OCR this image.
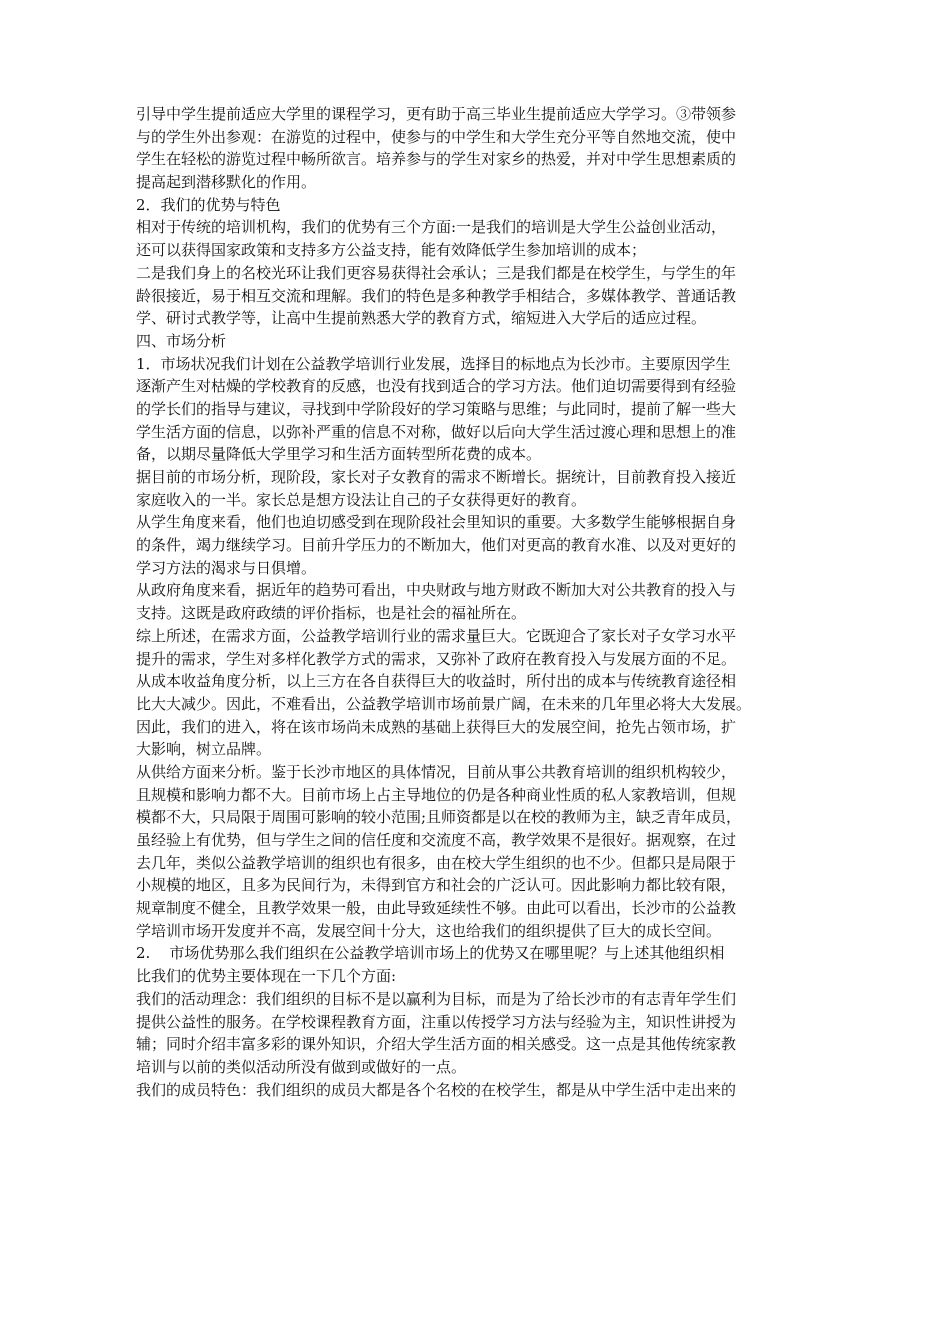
引导中学生提前适应大学里的课程学习，更有助于高三毕业生提前适应大学学习。③带领参
与的学生外出参观：在游览的过程中，使参与的中学生和大学生充分平等自然地交流，使中
学生在轻松的游览过程中畅所欲言。培养参与的学生对家乡的热爱，并对中学生思想素质的
提高起到潜移默化的作用。
2．我们的优势与特色
相对于传统的培训机构，我们的优势有三个方面:一是我们的培训是大学生公益创业活动，
还可以获得国家政策和支持多方公益支持，能有效降低学生参加培训的成本；
二是我们身上的名校光环让我们更容易获得社会承认；三是我们都是在校学生，与学生的年
龄很接近，易于相互交流和理解。我们的特色是多种教学手相结合，多媒体教学、普通话教
学、研讨式教学等，让高中生提前熟悉大学的教育方式，缩短进入大学后的适应过程。
四、市场分析
1．市场状况我们计划在公益教学培训行业发展，选择目的标地点为长沙市。主要原因学生
逐渐产生对枯燥的学校教育的反感，也没有找到适合的学习方法。他们迫切需要得到有经验
的学长们的指导与建议，寻找到中学阶段好的学习策略与思维；与此同时，提前了解一些大
学生活方面的信息，以弥补严重的信息不对称，做好以后向大学生活过渡心理和思想上的准
备，以期尽量降低大学里学习和生活方面转型所花费的成本。
据目前的市场分析，现阶段，家长对子女教育的需求不断增长。据统计，目前教育投入接近
家庭收入的一半。家长总是想方设法让自己的子女获得更好的教育。
从学生角度来看，他们也迫切感受到在现阶段社会里知识的重要。大多数学生能够根据自身
的条件，竭力继续学习。目前升学压力的不断加大，他们对更高的教育水准、以及对更好的
学习方法的渴求与日俱增。
从政府角度来看，据近年的趋势可看出，中央财政与地方财政不断加大对公共教育的投入与
支持。这既是政府政绩的评价指标，也是社会的福祉所在。
综上所述，在需求方面，公益教学培训行业的需求量巨大。它既迎合了家长对子女学习水平
提升的需求，学生对多样化教学方式的需求，又弥补了政府在教育投入与发展方面的不足。
从成本收益角度分析，以上三方在各自获得巨大的收益时，所付出的成本与传统教育途径相
比大大减少。因此，不难看出，公益教学培训市场前景广阔，在未来的几年里必将大大发展。
因此，我们的进入，将在该市场尚未成熟的基础上获得巨大的发展空间，抢先占领市场，扩
大影响，树立品牌。
从供给方面来分析。鉴于长沙市地区的具体情况，目前从事公共教育培训的组织机构较少，
且规模和影响力都不大。目前市场上占主导地位的仍是各种商业性质的私人家教培训，但规
模都不大，只局限于周围可影响的较小范围;且师资都是以在校的教师为主，缺乏青年成员，
虽经验上有优势，但与学生之间的信任度和交流度不高，教学效果不是很好。据观察，在过
去几年，类似公益教学培训的组织也有很多，由在校大学生组织的也不少。但都只是局限于
小规模的地区，且多为民间行为，未得到官方和社会的广泛认可。因此影响力都比较有限，
规章制度不健全，且教学效果一般，由此导致延续性不够。由此可以看出，长沙市的公益教
学培训市场开发度并不高，发展空间十分大，这也给我们的组织提供了巨大的成长空间。
2.    市场优势那么我们组织在公益教学培训市场上的优势又在哪里呢？与上述其他组织相
比我们的优势主要体现在一下几个方面:
我们的活动理念：我们组织的目标不是以赢利为目标，而是为了给长沙市的有志青年学生们
提供公益性的服务。在学校课程教育方面，注重以传授学习方法与经验为主，知识性讲授为
辅；同时介绍丰富多彩的课外知识，介绍大学生活方面的相关感受。这一点是其他传统家教
培训与以前的类似活动所没有做到或做好的一点。
我们的成员特色：我们组织的成员大都是各个名校的在校学生，都是从中学生活中走出来的
